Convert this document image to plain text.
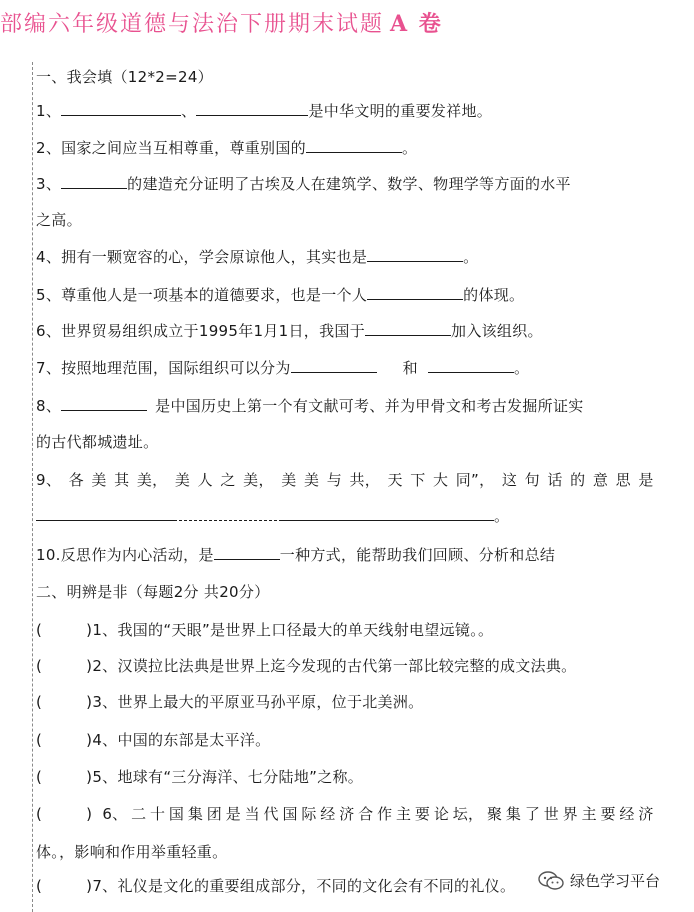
部编六年级道德与法治下册期末试题 A 卷
一、我会填（12*2=24）
1、	、	是中华文明的重要发祥地。
2、国家之间应当互相尊重，尊重别国的	。
3、	的建造充分证明了古埃及人在建筑学、数学、物理学等方面的水平
之高。
4、拥有一颗宽容的心，学会原谅他人，其实也是	。
5、尊重他人是一项基本的道德要求，也是一个人	的体现。
6、世界贸易组织成立于1995年1月1日，我国于	加入该组织。
7、按照地理范围，国际组织可以分为	和	。
8、	是中国历史上第一个有文献可考、并为甲骨文和考古发掘所证实
的古代都城遗址。
9、 各 美 其 美， 美 人 之 美， 美 美 与 共， 天 下 大 同”， 这 句 话 的 意 思 是
。
10.反思作为内心活动，是	一种方式，能帮助我们回顾、分析和总结
二、明辨是非（每题2分 共20分）
(	)1、我国的“天眼”是世界上口径最大的单天线射电望远镜。。
(	)2、汉谟拉比法典是世界上迄今发现的古代第一部比较完整的成文法典。
(	)3、世界上最大的平原亚马孙平原，位于北美洲。
(	)4、中国的东部是太平洋。
(	)5、地球有“三分海洋、七分陆地”之称。
(	) 6、 二 十 国 集 团 是 当 代 国 际 经 济 合 作 主 要 论 坛， 聚 集 了 世 界 主 要 经 济
体。，影响和作用举重轻重。
(	)7、礼仪是文化的重要组成部分，不同的文化会有不同的礼仪。	绿色学习平台
